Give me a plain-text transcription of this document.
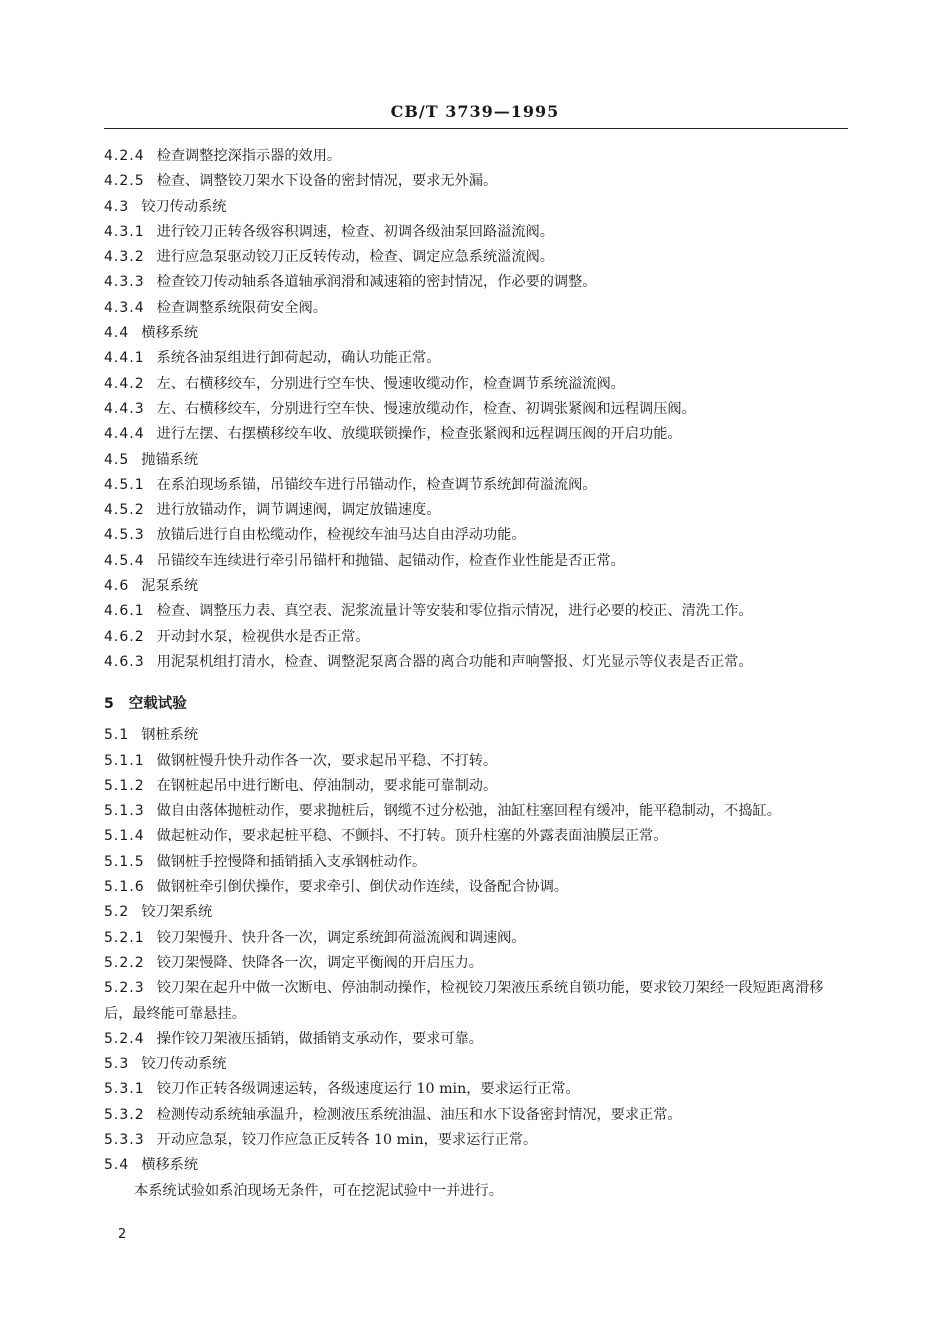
CB/T 3739—1995
4.2.4 检查调整挖深指示器的效用。
4.2.5 检查、调整铰刀架水下设备的密封情况，要求无外漏。
4.3 铰刀传动系统
4.3.1 进行铰刀正转各级容积调速，检查、初调各级油泵回路溢流阀。
4.3.2 进行应急泵驱动铰刀正反转传动，检查、调定应急系统溢流阀。
4.3.3 检查铰刀传动轴系各道轴承润滑和减速箱的密封情况，作必要的调整。
4.3.4 检查调整系统限荷安全阀。
4.4 横移系统
4.4.1 系统各油泵组进行卸荷起动，确认功能正常。
4.4.2 左、右横移绞车，分别进行空车快、慢速收缆动作，检查调节系统溢流阀。
4.4.3 左、右横移绞车，分别进行空车快、慢速放缆动作，检查、初调张紧阀和远程调压阀。
4.4.4 进行左摆、右摆横移绞车收、放缆联锁操作，检查张紧阀和远程调压阀的开启功能。
4.5 抛锚系统
4.5.1 在系泊现场系锚，吊锚绞车进行吊锚动作，检查调节系统卸荷溢流阀。
4.5.2 进行放锚动作，调节调速阀，调定放锚速度。
4.5.3 放锚后进行自由松缆动作，检视绞车油马达自由浮动功能。
4.5.4 吊锚绞车连续进行牵引吊锚杆和抛锚、起锚动作，检查作业性能是否正常。
4.6 泥泵系统
4.6.1 检查、调整压力表、真空表、泥浆流量计等安装和零位指示情况，进行必要的校正、清洗工作。
4.6.2 开动封水泵，检视供水是否正常。
4.6.3 用泥泵机组打清水，检查、调整泥泵离合器的离合功能和声响警报、灯光显示等仪表是否正常。
5 空载试验
5.1 钢桩系统
5.1.1 做钢桩慢升快升动作各一次，要求起吊平稳、不打转。
5.1.2 在钢桩起吊中进行断电、停油制动，要求能可靠制动。
5.1.3 做自由落体抛桩动作，要求抛桩后，钢缆不过分松弛，油缸柱塞回程有缓冲，能平稳制动，不捣缸。
5.1.4 做起桩动作，要求起桩平稳、不颤抖、不打转。顶升柱塞的外露表面油膜层正常。
5.1.5 做钢桩手控慢降和插销插入支承钢桩动作。
5.1.6 做钢桩牵引倒伏操作，要求牵引、倒伏动作连续，设备配合协调。
5.2 铰刀架系统
5.2.1 铰刀架慢升、快升各一次，调定系统卸荷溢流阀和调速阀。
5.2.2 铰刀架慢降、快降各一次，调定平衡阀的开启压力。
5.2.3 铰刀架在起升中做一次断电、停油制动操作，检视铰刀架液压系统自锁功能，要求铰刀架经一段短距离滑移后，最终能可靠悬挂。
5.2.4 操作铰刀架液压插销，做插销支承动作，要求可靠。
5.3 铰刀传动系统
5.3.1 铰刀作正转各级调速运转，各级速度运行 10 min，要求运行正常。
5.3.2 检测传动系统轴承温升，检测液压系统油温、油压和水下设备密封情况，要求正常。
5.3.3 开动应急泵，铰刀作应急正反转各 10 min，要求运行正常。
5.4 横移系统
本系统试验如系泊现场无条件，可在挖泥试验中一并进行。
2
